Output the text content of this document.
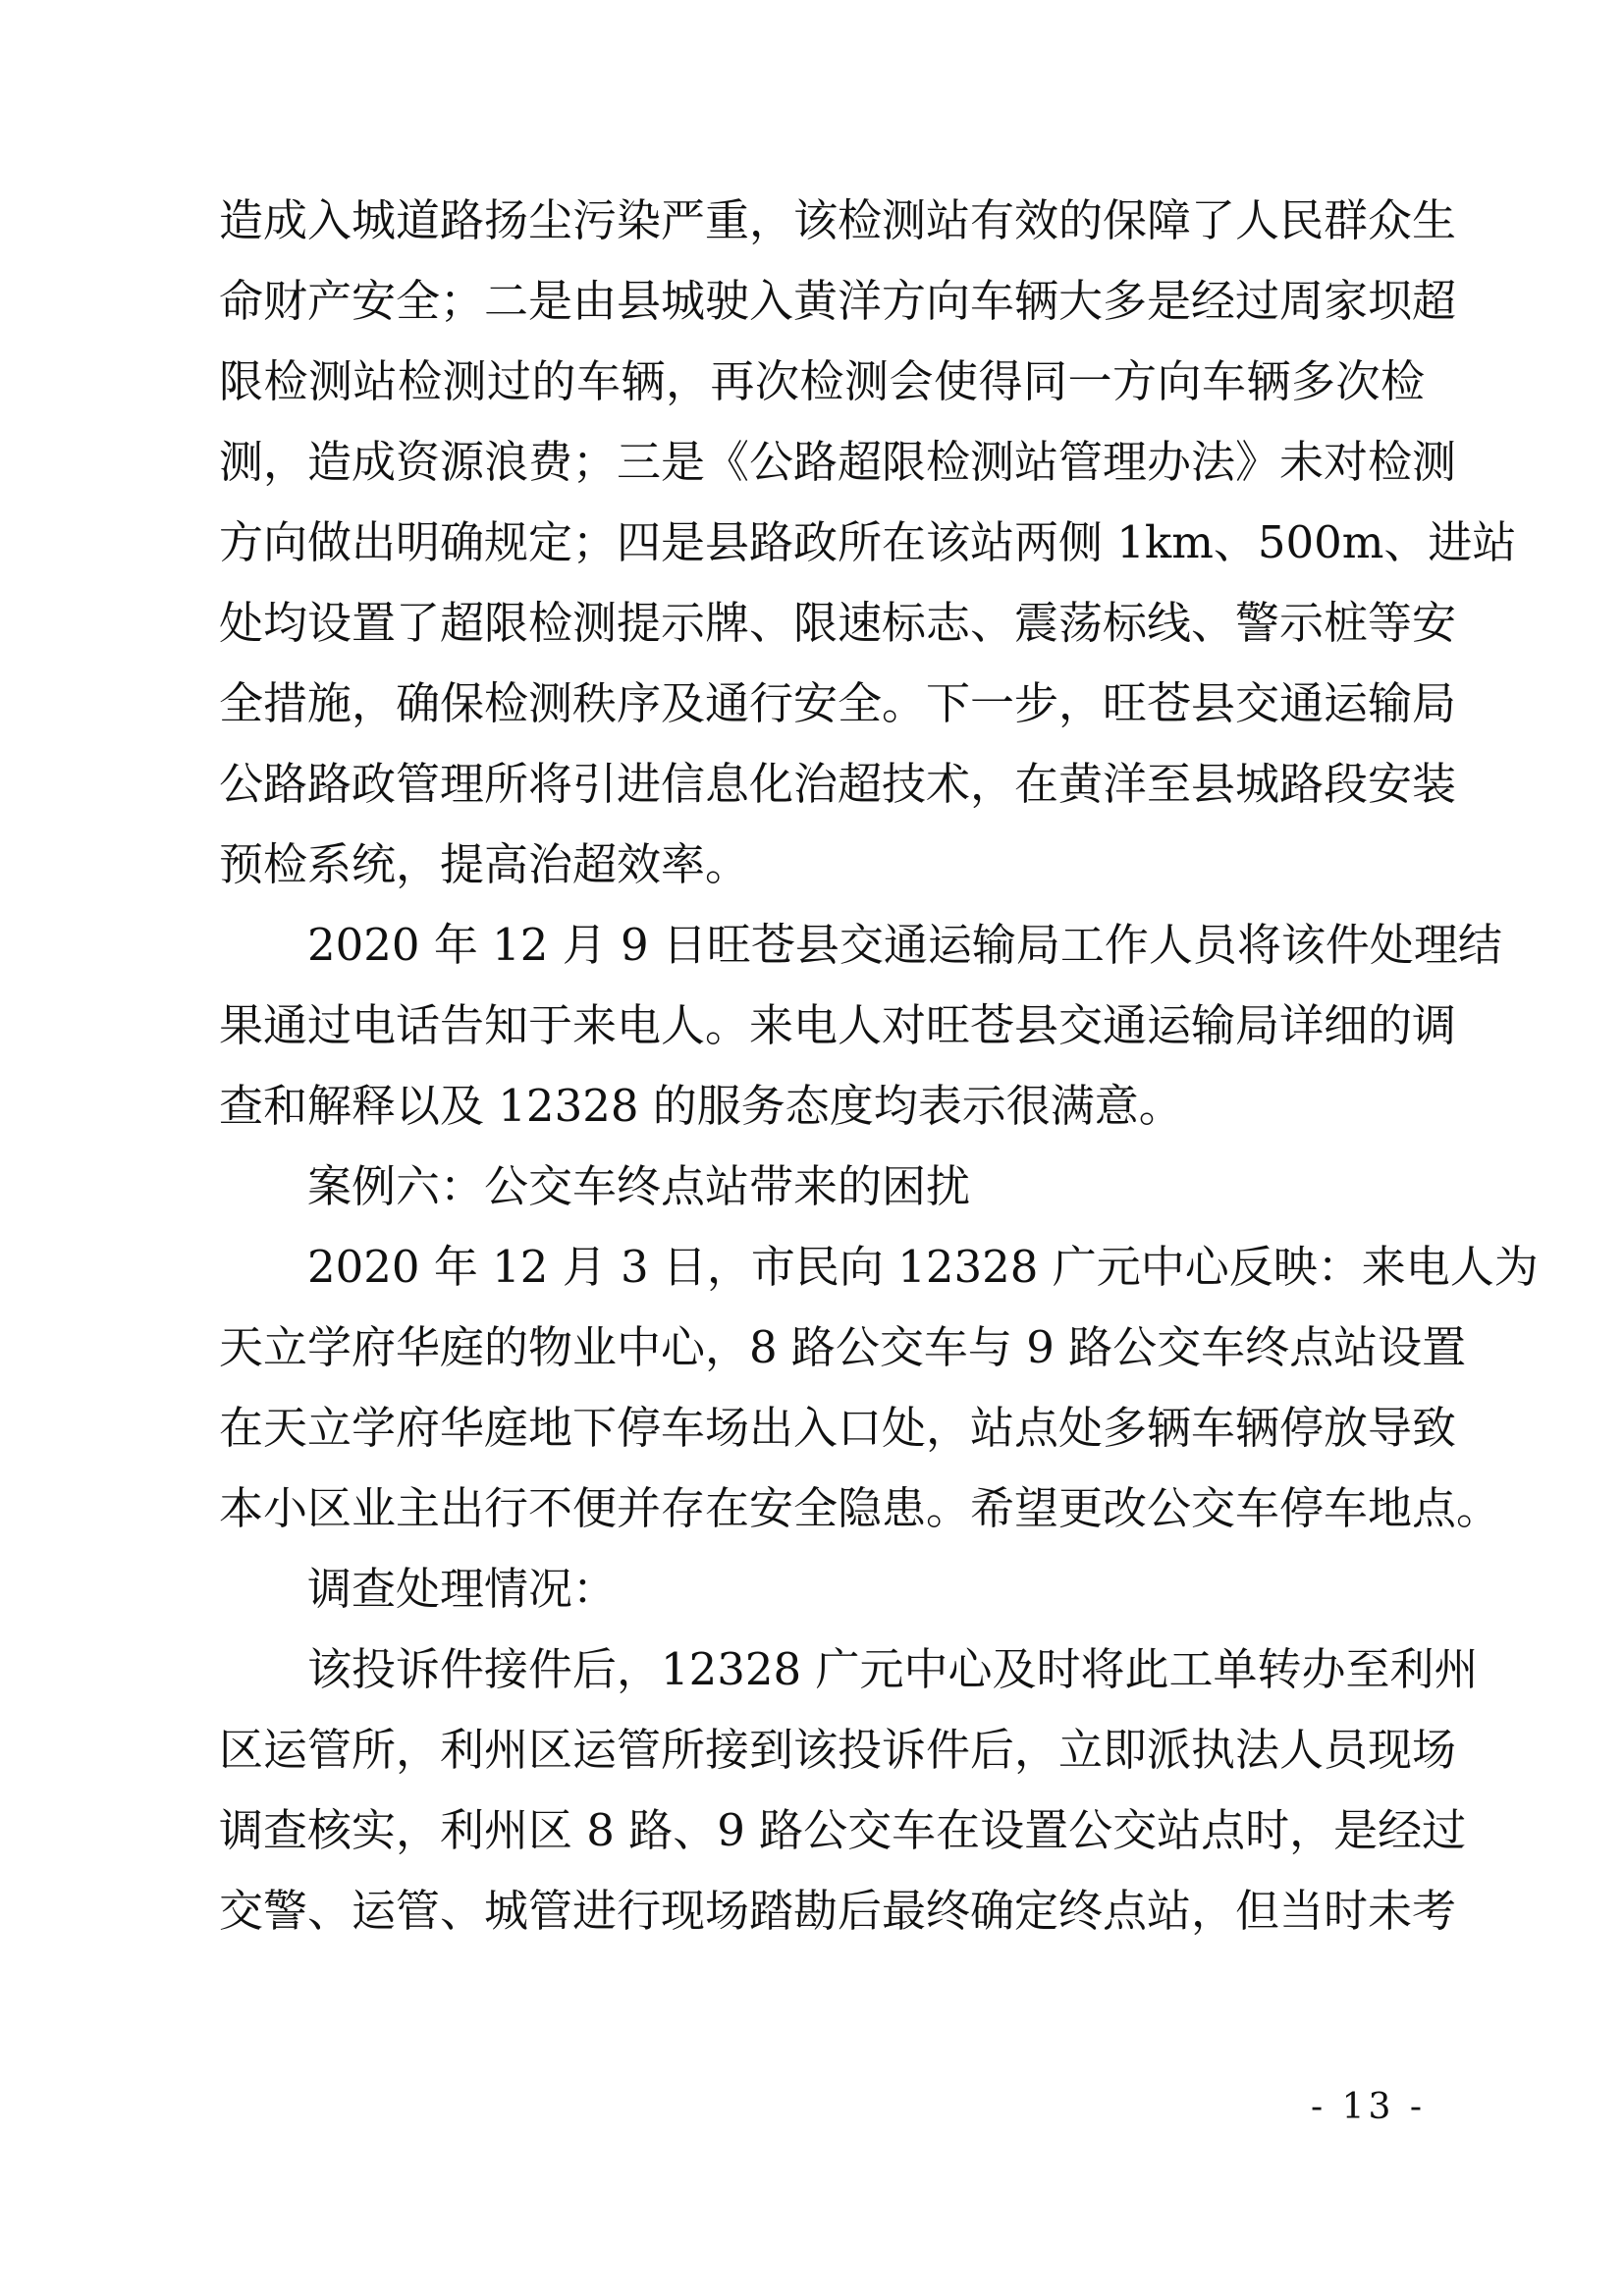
造成入城道路扬尘污染严重，该检测站有效的保障了人民群众生
命财产安全；二是由县城驶入黄洋方向车辆大多是经过周家坝超
限检测站检测过的车辆，再次检测会使得同一方向车辆多次检
测，造成资源浪费；三是《公路超限检测站管理办法》未对检测
方向做出明确规定；四是县路政所在该站两侧 1km、500m、进站
处均设置了超限检测提示牌、限速标志、震荡标线、警示桩等安
全措施，确保检测秩序及通行安全。下一步，旺苍县交通运输局
公路路政管理所将引进信息化治超技术，在黄洋至县城路段安装
预检系统，提高治超效率。
2020 年 12 月 9 日旺苍县交通运输局工作人员将该件处理结
果通过电话告知于来电人。来电人对旺苍县交通运输局详细的调
查和解释以及 12328 的服务态度均表示很满意。
案例六：公交车终点站带来的困扰
2020 年 12 月 3 日，市民向 12328 广元中心反映：来电人为
天立学府华庭的物业中心，8 路公交车与 9 路公交车终点站设置
在天立学府华庭地下停车场出入口处，站点处多辆车辆停放导致
本小区业主出行不便并存在安全隐患。希望更改公交车停车地点。
调查处理情况：
该投诉件接件后，12328 广元中心及时将此工单转办至利州
区运管所，利州区运管所接到该投诉件后，立即派执法人员现场
调查核实，利州区 8 路、9 路公交车在设置公交站点时，是经过
交警、运管、城管进行现场踏勘后最终确定终点站，但当时未考
- 13 -
